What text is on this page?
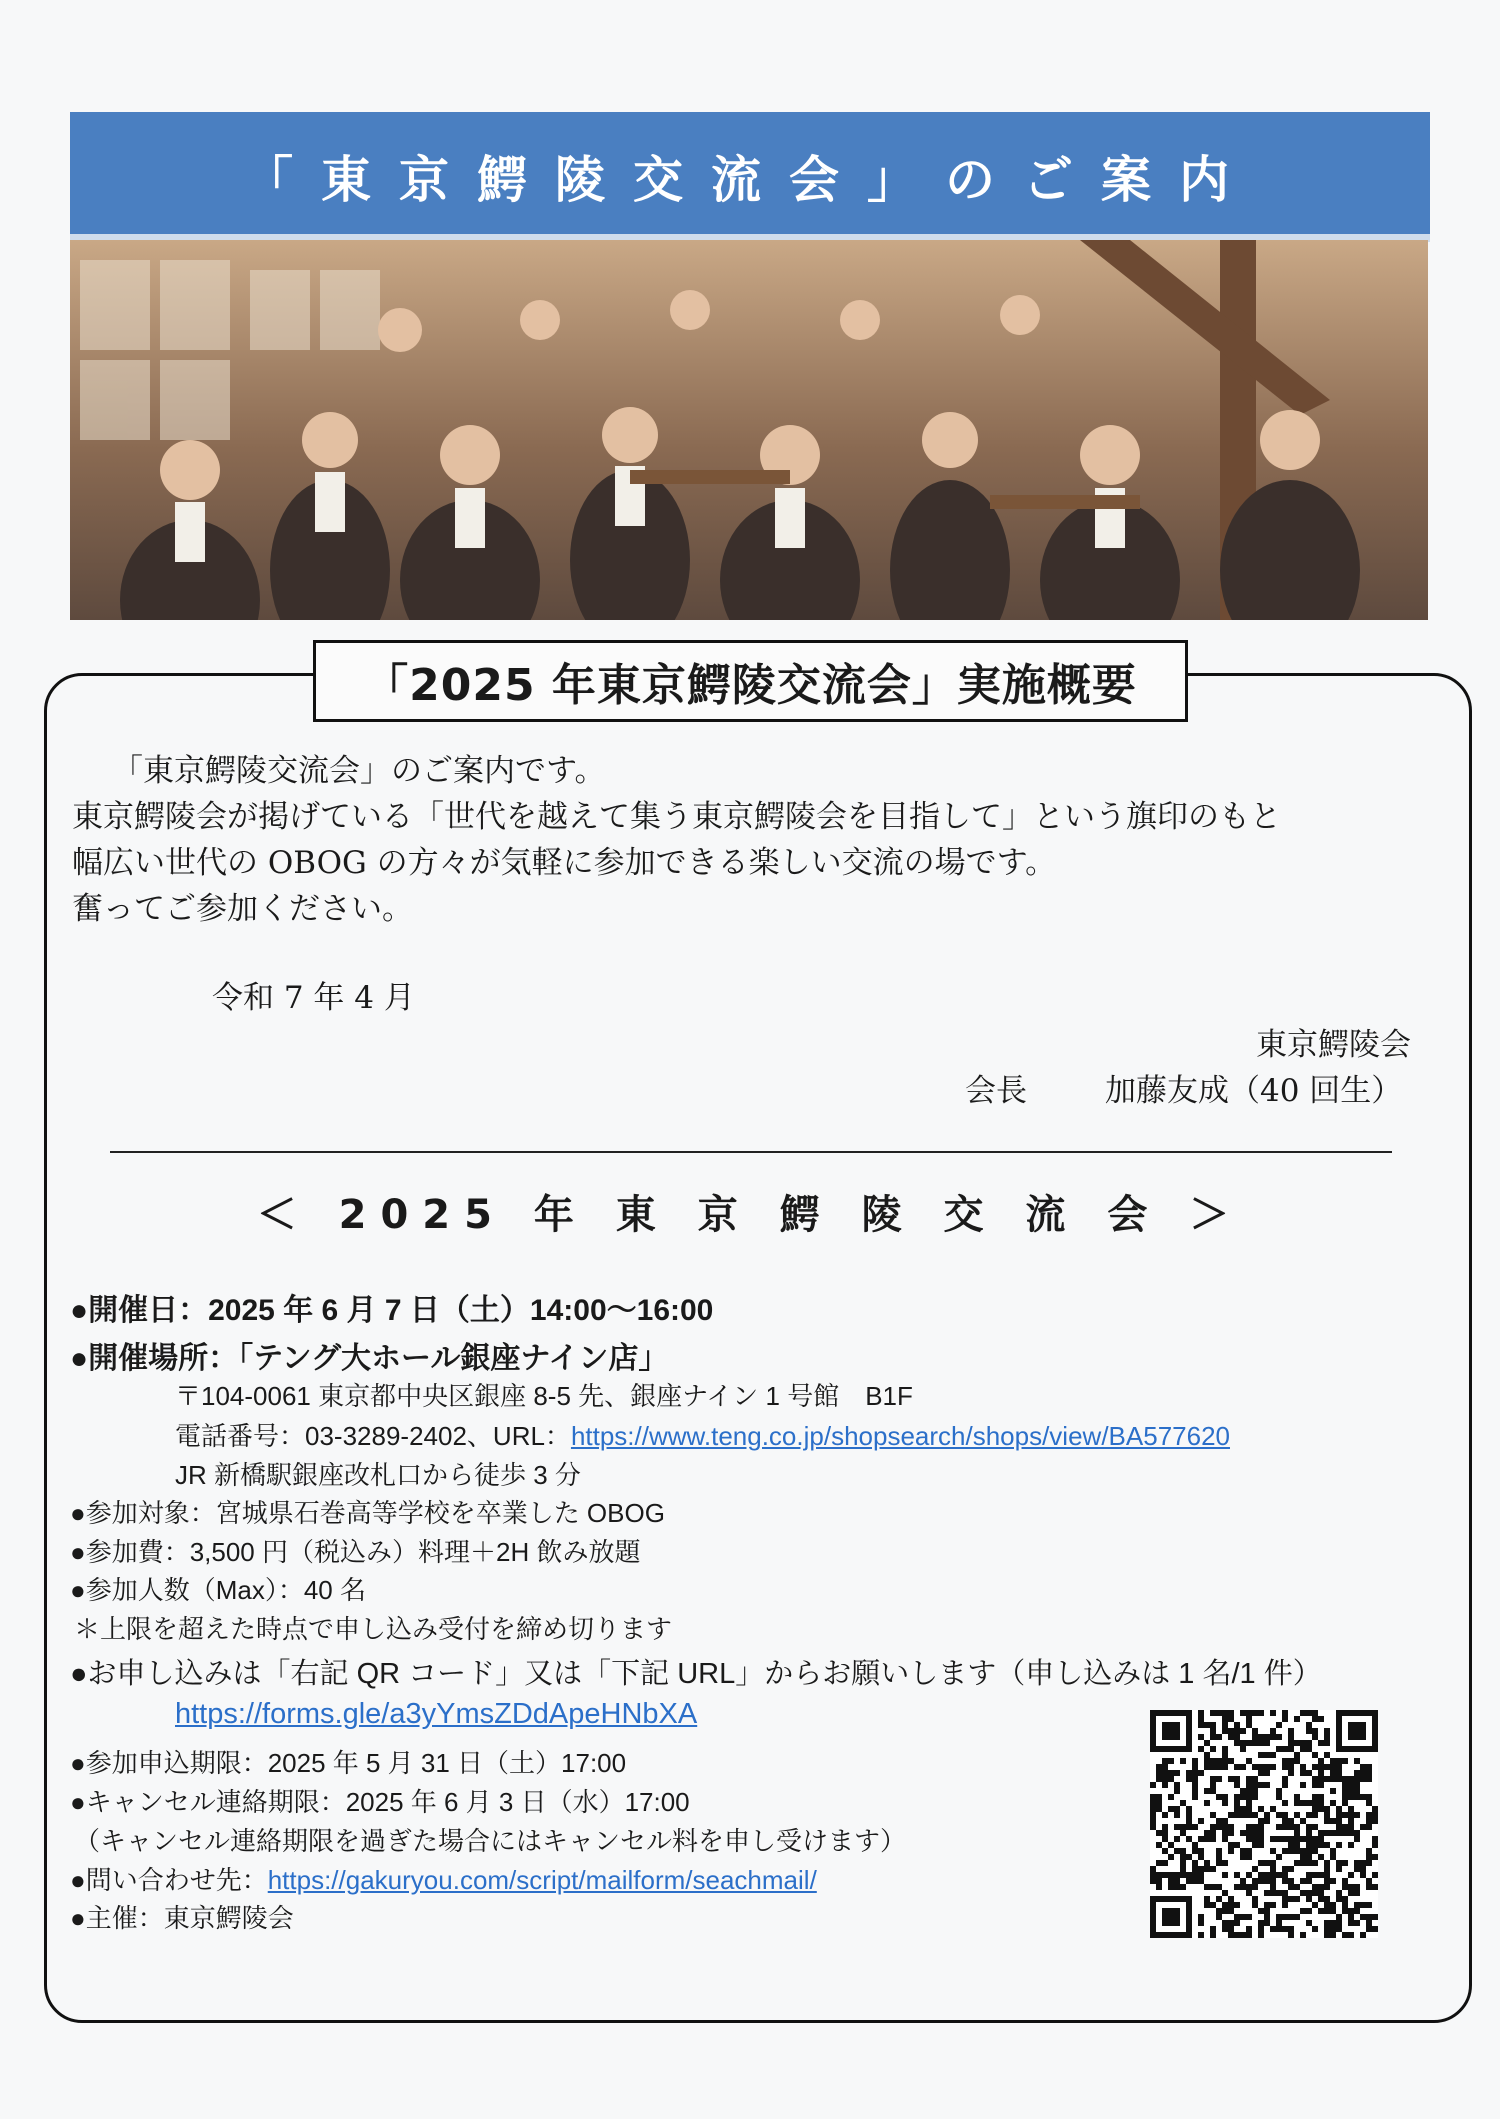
「東京鰐陵交流会」のご案内
「2025 年東京鰐陵交流会」実施概要
「東京鰐陵交流会」のご案内です。
東京鰐陵会が掲げている「世代を越えて集う東京鰐陵会を目指して」という旗印のもと
幅広い世代の OBOG の方々が気軽に参加できる楽しい交流の場です。
奮ってご参加ください。
令和 7 年 4 月
東京鰐陵会
会長	加藤友成（40 回生）
＜ 2025 年 東 京 鰐 陵 交 流 会 ＞
●開催日：2025 年 6 月 7 日（土）14:00〜16:00
●開催場所：「テング大ホール銀座ナイン店」
〒104-0061 東京都中央区銀座 8-5 先、銀座ナイン 1 号館　B1F
電話番号：03-3289-2402、URL：https://www.teng.co.jp/shopsearch/shops/view/BA577620
JR 新橋駅銀座改札口から徒歩 3 分
●参加対象：宮城県石巻高等学校を卒業した OBOG
●参加費：3,500 円（税込み）料理＋2H 飲み放題
●参加人数（Max）：40 名
＊上限を超えた時点で申し込み受付を締め切ります
●お申し込みは「右記 QR コード」又は「下記 URL」からお願いします（申し込みは 1 名/1 件）
https://forms.gle/a3yYmsZDdApeHNbXA
●参加申込期限：2025 年 5 月 31 日（土）17:00
●キャンセル連絡期限：2025 年 6 月 3 日（水）17:00
（キャンセル連絡期限を過ぎた場合にはキャンセル料を申し受けます）
●問い合わせ先：https://gakuryou.com/script/mailform/seachmail/
●主催：東京鰐陵会
